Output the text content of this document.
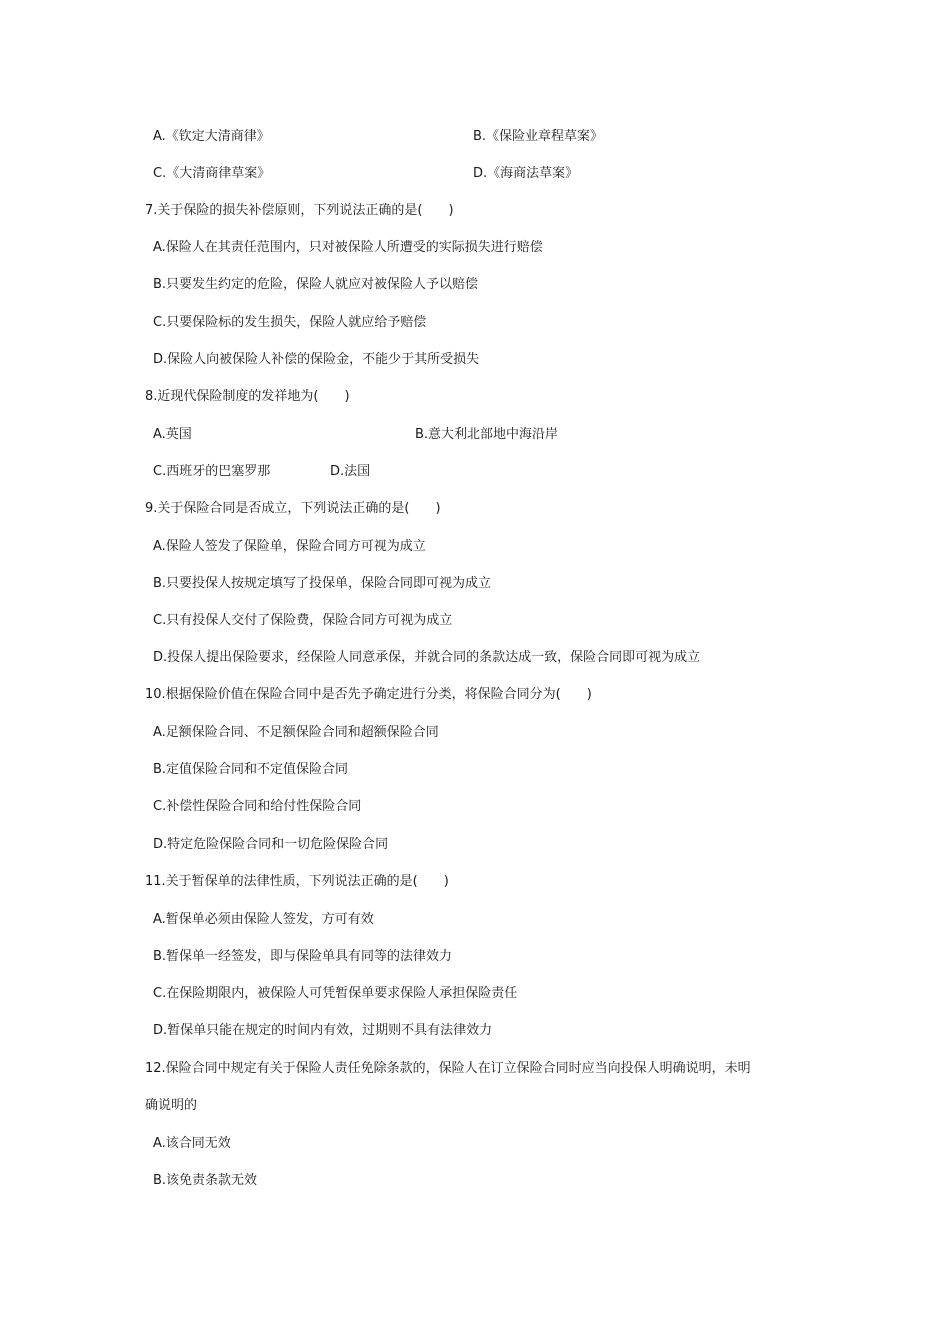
A.《钦定大清商律》	B.《保险业章程草案》
C.《大清商律草案》	D.《海商法草案》
7.关于保险的损失补偿原则，下列说法正确的是(　　)
A.保险人在其责任范围内，只对被保险人所遭受的实际损失进行赔偿
B.只要发生约定的危险，保险人就应对被保险人予以赔偿
C.只要保险标的发生损失，保险人就应给予赔偿
D.保险人向被保险人补偿的保险金，不能少于其所受损失
8.近现代保险制度的发祥地为(　　)
A.英国	B.意大利北部地中海沿岸
C.西班牙的巴塞罗那	D.法国
9.关于保险合同是否成立，下列说法正确的是(　　)
A.保险人签发了保险单，保险合同方可视为成立
B.只要投保人按规定填写了投保单，保险合同即可视为成立
C.只有投保人交付了保险费，保险合同方可视为成立
D.投保人提出保险要求，经保险人同意承保，并就合同的条款达成一致，保险合同即可视为成立
10.根据保险价值在保险合同中是否先予确定进行分类，将保险合同分为(　　)
A.足额保险合同、不足额保险合同和超额保险合同
B.定值保险合同和不定值保险合同
C.补偿性保险合同和给付性保险合同
D.特定危险保险合同和一切危险保险合同
11.关于暂保单的法律性质，下列说法正确的是(　　)
A.暂保单必须由保险人签发，方可有效
B.暂保单一经签发，即与保险单具有同等的法律效力
C.在保险期限内，被保险人可凭暂保单要求保险人承担保险责任
D.暂保单只能在规定的时间内有效，过期则不具有法律效力
12.保险合同中规定有关于保险人责任免除条款的，保险人在订立保险合同时应当向投保人明确说明，未明
确说明的
A.该合同无效
B.该免责条款无效
